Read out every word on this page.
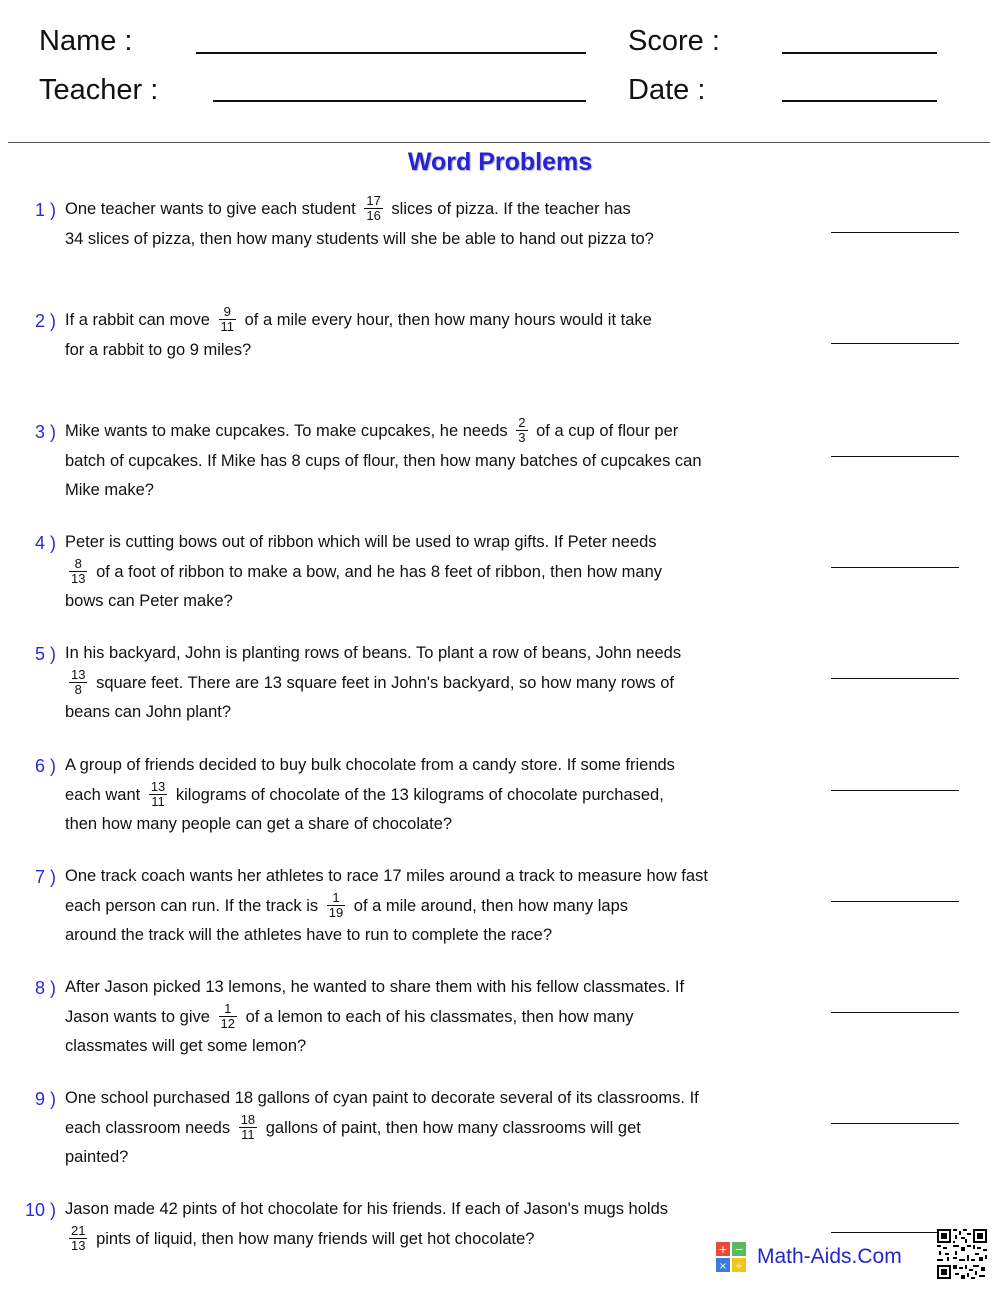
Name :	Score :
Teacher :	Date :
Word Problems
1 ) One teacher wants to give each student $\frac{17}{16}$ slices of pizza. If the teacher has
34 slices of pizza, then how many students will she be able to hand out pizza to?
2 ) If a rabbit can move $\frac{9}{11}$ of a mile every hour, then how many hours would it take
for a rabbit to go 9 miles?
3 ) Mike wants to make cupcakes. To make cupcakes, he needs $\frac{2}{3}$ of a cup of flour per
batch of cupcakes. If Mike has 8 cups of flour, then how many batches of cupcakes can
Mike make?
4 ) Peter is cutting bows out of ribbon which will be used to wrap gifts. If Peter needs
$\frac{8}{13}$ of a foot of ribbon to make a bow, and he has 8 feet of ribbon, then how many
bows can Peter make?
5 ) In his backyard, John is planting rows of beans. To plant a row of beans, John needs
$\frac{13}{8}$ square feet. There are 13 square feet in John's backyard, so how many rows of
beans can John plant?
6 ) A group of friends decided to buy bulk chocolate from a candy store. If some friends
each want $\frac{13}{11}$ kilograms of chocolate of the 13 kilograms of chocolate purchased,
then how many people can get a share of chocolate?
7 ) One track coach wants her athletes to race 17 miles around a track to measure how fast
each person can run. If the track is $\frac{1}{19}$ of a mile around, then how many laps
around the track will the athletes have to run to complete the race?
8 ) After Jason picked 13 lemons, he wanted to share them with his fellow classmates. If
Jason wants to give $\frac{1}{12}$ of a lemon to each of his classmates, then how many
classmates will get some lemon?
9 ) One school purchased 18 gallons of cyan paint to decorate several of its classrooms. If
each classroom needs $\frac{18}{11}$ gallons of paint, then how many classrooms will get
painted?
10 ) Jason made 42 pints of hot chocolate for his friends. If each of Jason's mugs holds
$\frac{21}{13}$ pints of liquid, then how many friends will get hot chocolate?
+ −
× ÷ Math-Aids.Com
